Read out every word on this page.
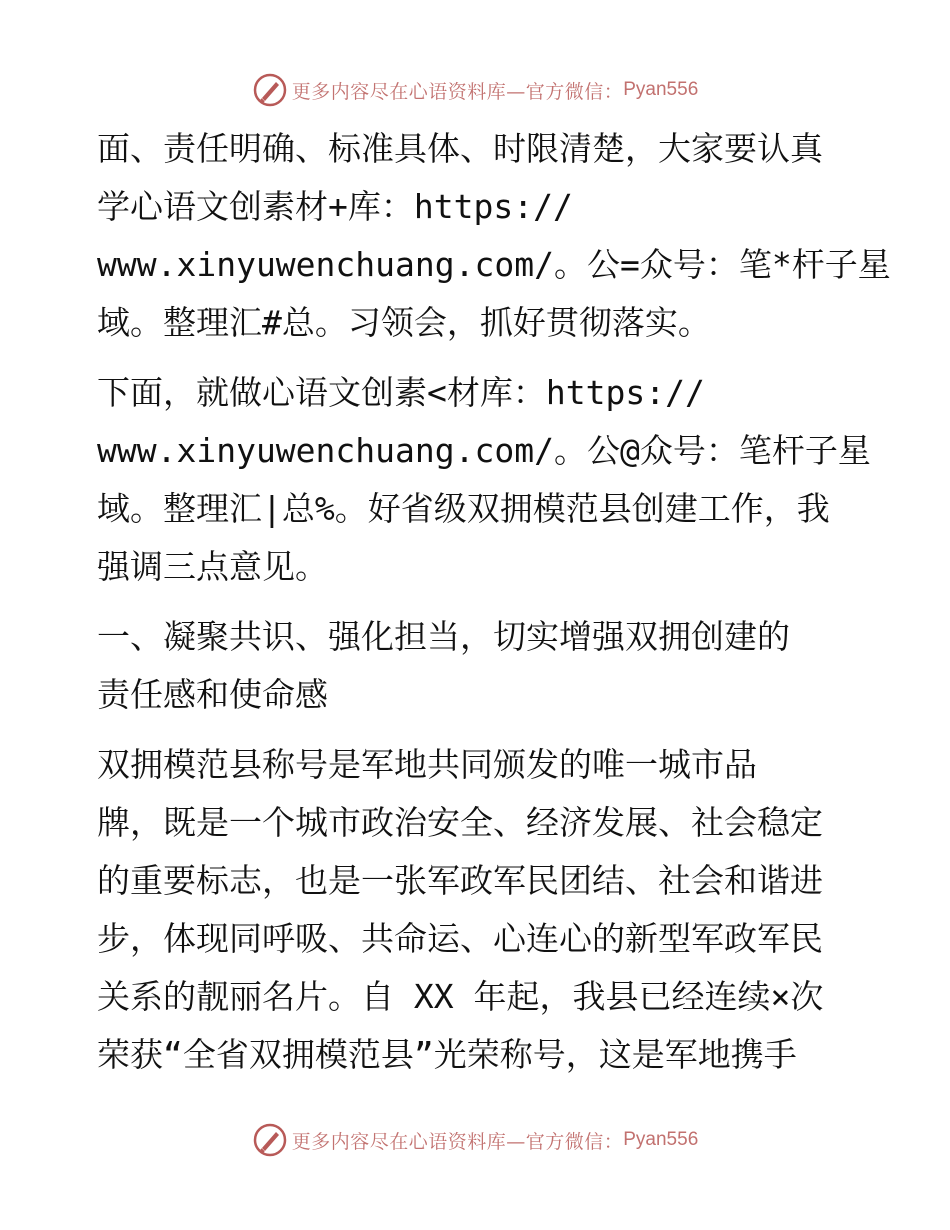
更多内容尽在心语资料库—官方微信： Pyan556
面、责任明确、标准具体、时限清楚，大家要认真
学心语文创素材+库：https://
www.xinyuwenchuang.com/。公=众号：笔*杆子星
域。整理汇#总。习领会，抓好贯彻落实。
下面，就做心语文创素<材库：https://
www.xinyuwenchuang.com/。公@众号：笔杆子星
域。整理汇|总%。好省级双拥模范县创建工作，我
强调三点意见。
一、凝聚共识、强化担当，切实增强双拥创建的
责任感和使命感
双拥模范县称号是军地共同颁发的唯一城市品
牌，既是一个城市政治安全、经济发展、社会稳定
的重要标志，也是一张军政军民团结、社会和谐进
步，体现同呼吸、共命运、心连心的新型军政军民
关系的靓丽名片。自 XX 年起，我县已经连续×次
荣获“全省双拥模范县”光荣称号，这是军地携手
更多内容尽在心语资料库—官方微信： Pyan556
